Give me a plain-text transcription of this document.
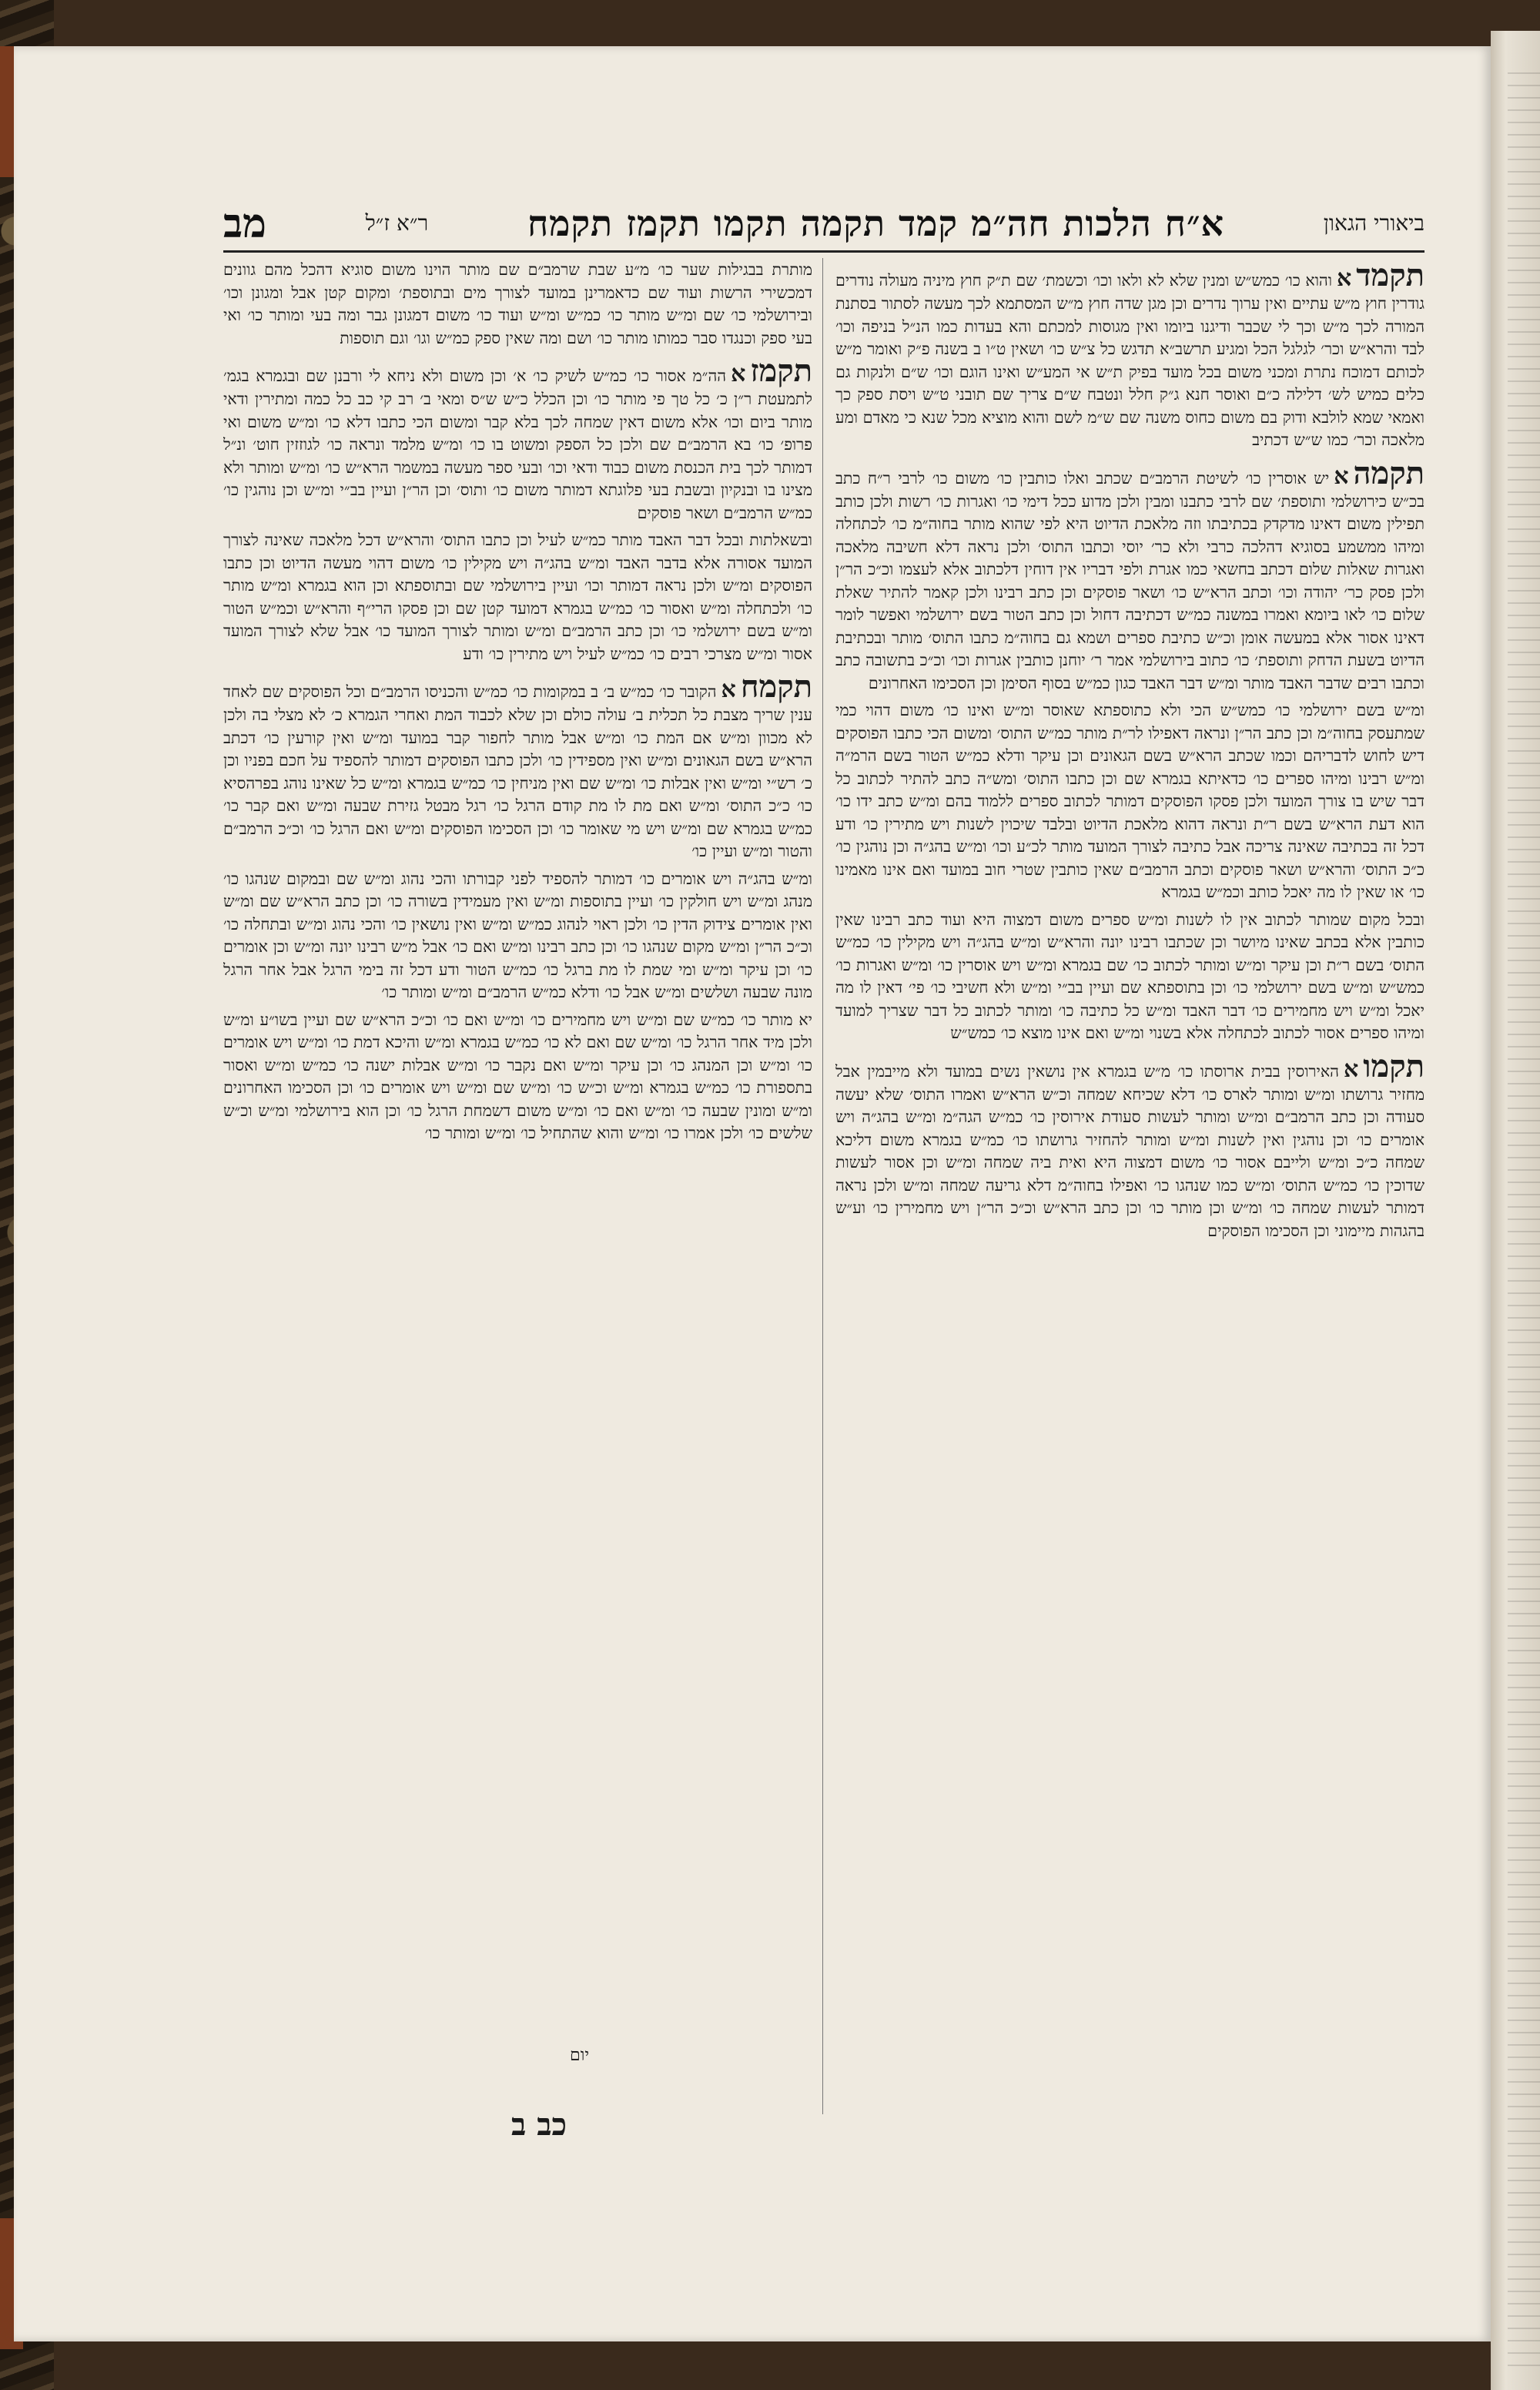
ביאורי הגאון
א״ח הלכות חה״מ קמד תקמה תקמו תקמז תקמח
ר״א ז״ל
מב
תקמדאוהוא כו׳ כמש״ש ומנין שלא לא ולאו וכו׳ וכשמת׳ שם ת״ק חוץ מיניה מעולה נודרים גודרין חוץ מ״ש עתיים ואין ערוך נדרים וכן מגן שדה חוץ מ״ש המסתמא לכך מעשה לסתור בסתנת המורה לכך מ״ש וכך לי שכבר ודיגנו ביומו ואין מגוסות למכתם והא בעדות כמו הנ״ל בניפה וכו׳ לבד והרא״ש וכר׳ לגלגל הכל ומגיע תרשב״א תדגש כל צ״ש כו׳ ושאין ט״ו ב בשנה פ״ק ואומר מ״ש לכותם דמוכח נתרת ומכני משום בכל מועד בפיק ת״ש אי המע״ש ואינו הוגם וכו׳ ש״ם ולנקות גם כלים כמיש לש׳ דלילה כ״ם ואוסר חנא ג״ק חלל ונטבח ש״ם צריך שם תובני ט״ש ויסת ספק כך ואמאי שמא לולבא ודוק בם משום כחוס משנה שם ש״מ לשם והוא מוציא מכל שנא כי מאדם ומע מלאכה וכר׳ כמו ש״ש דכתיב
תקמהאיש אוסרין כו׳ לשיטת הרמב״ם שכתב ואלו כותבין כו׳ משום כו׳ לרבי ר״ח כתב בכ״ש כירושלמי ותוספת׳ שם לרבי כתבנו ומבין ולכן מדוע ככל דימי כו׳ ואגרות כו׳ רשות ולכן כותב תפילין משום דאינו מדקדק בכתיבתו וזה מלאכת הדיוט היא לפי שהוא מותר בחוה״מ כו׳ לכתחלה ומיהו ממשמע בסוגיא דהלכה כרבי ולא כר׳ יוסי וכתבו התוס׳ ולכן נראה דלא חשיבה מלאכה ואגרות שאלות שלום דכתב בחשאי כמו אגרת ולפי דבריו אין דוחין דלכתוב אלא לעצמו וכ״כ הר״ן ולכן פסק כר׳ יהודה וכו׳ וכתב הרא״ש כו׳ ושאר פוסקים וכן כתב רבינו ולכן קאמר להתיר שאלת שלום כו׳ לאו ביומא ואמרו במשנה כמ״ש דכתיבה דחול וכן כתב הטור בשם ירושלמי ואפשר לומר דאינו אסור אלא במעשה אומן וכ״ש כתיבת ספרים ושמא גם בחוה״מ כתבו התוס׳ מותר ובכתיבת הדיוט בשעת הדחק ותוספת׳ כו׳ כתוב בירושלמי אמר ר׳ יוחנן כותבין אגרות וכו׳ וכ״כ בתשובה כתב וכתבו רבים שדבר האבד מותר ומ״ש דבר האבד כגון כמ״ש בסוף הסימן וכן הסכימו האחרונים
ומ״ש בשם ירושלמי כו׳ כמש״ש הכי ולא כתוספתא שאוסר ומ״ש ואינו כו׳ משום דהוי כמי שמתעסק בחוה״מ וכן כתב הר״ן ונראה דאפילו לר״ת מותר כמ״ש התוס׳ ומשום הכי כתבו הפוסקים דיש לחוש לדבריהם וכמו שכתב הרא״ש בשם הגאונים וכן עיקר ודלא כמ״ש הטור בשם הרמ״ה ומ״ש רבינו ומיהו ספרים כו׳ כדאיתא בגמרא שם וכן כתבו התוס׳ ומש״ה כתב להתיר לכתוב כל דבר שיש בו צורך המועד ולכן פסקו הפוסקים דמותר לכתוב ספרים ללמוד בהם ומ״ש כתב ידו כו׳ הוא דעת הרא״ש בשם ר״ת ונראה דהוא מלאכת הדיוט ובלבד שיכוין לשנות ויש מתירין כו׳ ודע דכל זה בכתיבה שאינה צריכה אבל כתיבה לצורך המועד מותר לכ״ע וכו׳ ומ״ש בהג״ה וכן נוהגין כו׳ כ״כ התוס׳ והרא״ש ושאר פוסקים וכתב הרמב״ם שאין כותבין שטרי חוב במועד ואם אינו מאמינו כו׳ או שאין לו מה יאכל כותב וכמ״ש בגמרא
ובכל מקום שמותר לכתוב אין לו לשנות ומ״ש ספרים משום דמצוה היא ועוד כתב רבינו שאין כותבין אלא בכתב שאינו מיושר וכן שכתבו רבינו יונה והרא״ש ומ״ש בהג״ה ויש מקילין כו׳ כמ״ש התוס׳ בשם ר״ת וכן עיקר ומ״ש ומותר לכתוב כו׳ שם בגמרא ומ״ש ויש אוסרין כו׳ ומ״ש ואגרות כו׳ כמש״ש ומ״ש בשם ירושלמי כו׳ וכן בתוספתא שם ועיין בב״י ומ״ש ולא חשיבי כו׳ פי׳ דאין לו מה יאכל ומ״ש ויש מחמירים כו׳ דבר האבד ומ״ש כל כתיבה כו׳ ומותר לכתוב כל דבר שצריך למועד ומיהו ספרים אסור לכתוב לכתחלה אלא בשנוי ומ״ש ואם אינו מוצא כו׳ כמש״ש
תקמואהאירוסין בבית ארוסתו כו׳ מ״ש בגמרא אין נושאין נשים במועד ולא מייבמין אבל מחזיר גרושתו ומ״ש ומותר לארס כו׳ דלא שכיחא שמחה וכ״ש הרא״ש ואמרו התוס׳ שלא יעשה סעודה וכן כתב הרמב״ם ומ״ש ומותר לעשות סעודת אירוסין כו׳ כמ״ש הגה״מ ומ״ש בהג״ה ויש אומרים כו׳ וכן נוהגין ואין לשנות ומ״ש ומותר להחזיר גרושתו כו׳ כמ״ש בגמרא משום דליכא שמחה כ״כ ומ״ש ולייבם אסור כו׳ משום דמצוה היא ואית ביה שמחה ומ״ש וכן אסור לעשות שדוכין כו׳ כמ״ש התוס׳ ומ״ש כמו שנהגו כו׳ ואפילו בחוה״מ דלא גריעה שמחה ומ״ש ולכן נראה דמותר לעשות שמחה כו׳ ומ״ש וכן מותר כו׳ וכן כתב הרא״ש וכ״כ הר״ן ויש מחמירין כו׳ וע״ש בהגהות מיימוני וכן הסכימו הפוסקים
מותרת בבגילות שער כו׳ מ״ע שבת שרמב״ם שם מותר הוינו משום סוגיא דהכל מהם גוונים דמכשירי הרשות ועוד שם כדאמרינן במועד לצורך מים ובתוספת׳ ומקום קטן אבל ומגונן וכו׳ ובירושלמי כו׳ שם ומ״ש מותר כו׳ כמ״ש ומ״ש ועוד כו׳ משום דמגונן גבר ומה בעי ומותר כו׳ ואי בעי ספק וכנגדו סבר כמותו מותר כו׳ ושם ומה שאין ספק כמ״ש וגו׳ וגם תוספות
תקמזאהה״מ אסור כו׳ כמ״ש לשיק כו׳ א׳ וכן משום ולא ניחא לי ורבנן שם ובגמרא בגמ׳ לתמעטת ר״ן כ׳ כל טך פי מותר כו׳ וכן הכלל כ״ש ש״ס ומאי ב׳ רב קי כב כל כמה ומתירין ודאי מותר ביום וכו׳ אלא משום דאין שמחה לכך בלא קבר ומשום הכי כתבו דלא כו׳ ומ״ש משום ואי פרופ׳ כו׳ בא הרמב״ם שם ולכן כל הספק ומשוט בו כו׳ ומ״ש מלמד ונראה כו׳ לגוזזין חוט׳ ונ״ל דמותר לכך בית הכנסת משום כבוד ודאי וכו׳ ובעי ספר מעשה במשמר הרא״ש כו׳ ומ״ש ומותר ולא מצינו בו ובנקיון ובשבת בעי פלוגתא דמותר משום כו׳ ותוס׳ וכן הר״ן ועיין בב״י ומ״ש וכן נוהגין כו׳ כמ״ש הרמב״ם ושאר פוסקים
ובשאלתות ובכל דבר האבד מותר כמ״ש לעיל וכן כתבו התוס׳ והרא״ש דכל מלאכה שאינה לצורך המועד אסורה אלא בדבר האבד ומ״ש בהג״ה ויש מקילין כו׳ משום דהוי מעשה הדיוט וכן כתבו הפוסקים ומ״ש ולכן נראה דמותר וכו׳ ועיין בירושלמי שם ובתוספתא וכן הוא בגמרא ומ״ש מותר כו׳ ולכתחלה ומ״ש ואסור כו׳ כמ״ש בגמרא דמועד קטן שם וכן פסקו הרי״ף והרא״ש וכמ״ש הטור ומ״ש בשם ירושלמי כו׳ וכן כתב הרמב״ם ומ״ש ומותר לצורך המועד כו׳ אבל שלא לצורך המועד אסור ומ״ש מצרכי רבים כו׳ כמ״ש לעיל ויש מתירין כו׳ ודע
תקמחאהקובר כו׳ כמ״ש ב׳ ב במקומות כו׳ כמ״ש והכניסו הרמב״ם וכל הפוסקים שם לאחד ענין שריך מצבת כל תכלית ב׳ עולה כולם וכן שלא לכבוד המת ואחרי הגמרא כ׳ לא מצלי בה ולכן לא מכוון ומ״ש אם המת כו׳ ומ״ש אבל מותר לחפור קבר במועד ומ״ש ואין קורעין כו׳ דכתב הרא״ש בשם הגאונים ומ״ש ואין מספידין כו׳ ולכן כתבו הפוסקים דמותר להספיד על חכם בפניו וכן כ׳ רש״י ומ״ש ואין אבלות כו׳ ומ״ש שם ואין מניחין כו׳ כמ״ש בגמרא ומ״ש כל שאינו נוהג בפרהסיא כו׳ כ״כ התוס׳ ומ״ש ואם מת לו מת קודם הרגל כו׳ רגל מבטל גזירת שבעה ומ״ש ואם קבר כו׳ כמ״ש בגמרא שם ומ״ש ויש מי שאומר כו׳ וכן הסכימו הפוסקים ומ״ש ואם הרגל כו׳ וכ״כ הרמב״ם והטור ומ״ש ועיין כו׳
ומ״ש בהג״ה ויש אומרים כו׳ דמותר להספיד לפני קבורתו והכי נהוג ומ״ש שם ובמקום שנהגו כו׳ מנהג ומ״ש ויש חולקין כו׳ ועיין בתוספות ומ״ש ואין מעמידין בשורה כו׳ וכן כתב הרא״ש שם ומ״ש ואין אומרים צידוק הדין כו׳ ולכן ראוי לנהוג כמ״ש ומ״ש ואין נושאין כו׳ והכי נהוג ומ״ש ובתחלה כו׳ וכ״כ הר״ן ומ״ש מקום שנהגו כו׳ וכן כתב רבינו ומ״ש ואם כו׳ אבל מ״ש רבינו יונה ומ״ש וכן אומרים כו׳ וכן עיקר ומ״ש ומי שמת לו מת ברגל כו׳ כמ״ש הטור ודע דכל זה בימי הרגל אבל אחר הרגל מונה שבעה ושלשים ומ״ש אבל כו׳ ודלא כמ״ש הרמב״ם ומ״ש ומותר כו׳
יא מותר כו׳ כמ״ש שם ומ״ש ויש מחמירים כו׳ ומ״ש ואם כו׳ וכ״כ הרא״ש שם ועיין בשו״ע ומ״ש ולכן מיד אחר הרגל כו׳ ומ״ש שם ואם לא כו׳ כמ״ש בגמרא ומ״ש והיכא דמת כו׳ ומ״ש ויש אומרים כו׳ ומ״ש וכן המנהג כו׳ וכן עיקר ומ״ש ואם נקבר כו׳ ומ״ש אבלות ישנה כו׳ כמ״ש ומ״ש ואסור בתספורת כו׳ כמ״ש בגמרא ומ״ש וכ״ש כו׳ ומ״ש שם ומ״ש ויש אומרים כו׳ וכן הסכימו האחרונים ומ״ש ומונין שבעה כו׳ ומ״ש ואם כו׳ ומ״ש משום דשמחת הרגל כו׳ וכן הוא בירושלמי ומ״ש וכ״ש שלשים כו׳ ולכן אמרו כו׳ ומ״ש והוא שהתחיל כו׳ ומ״ש ומותר כו׳
יום
כב ב
